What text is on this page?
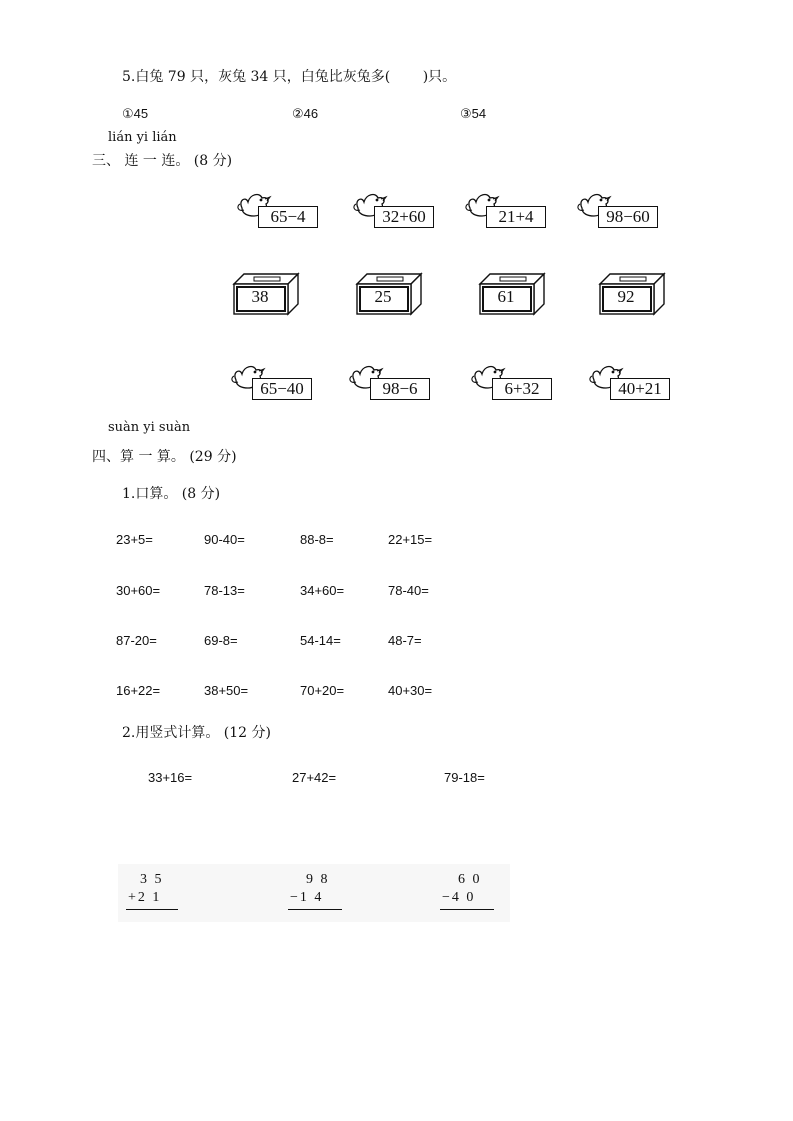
5.白兔 79 只，灰兔 34 只，白兔比灰兔多(　　 )只。
①45	②46	③54
lián yi lián
三、 连 一 连。 (8 分)
65−4	32+60	21+4	98−60
38	25	61	92
65−40	98−6	6+32	40+21
suàn yi suàn
四、算 一 算。 (29 分)
1.口算。 (8 分)
23+5=	90-40=	88-8=	22+15=
30+60=	78-13=	34+60=	78-40=
87-20=	69-8=	54-14=	48-7=
16+22=	38+50=	70+20=	40+30=
2.用竖式计算。 (12 分)
33+16=	27+42=	79-18=
3 5
+2 1
9 8
−1 4
6 0
−4 0
